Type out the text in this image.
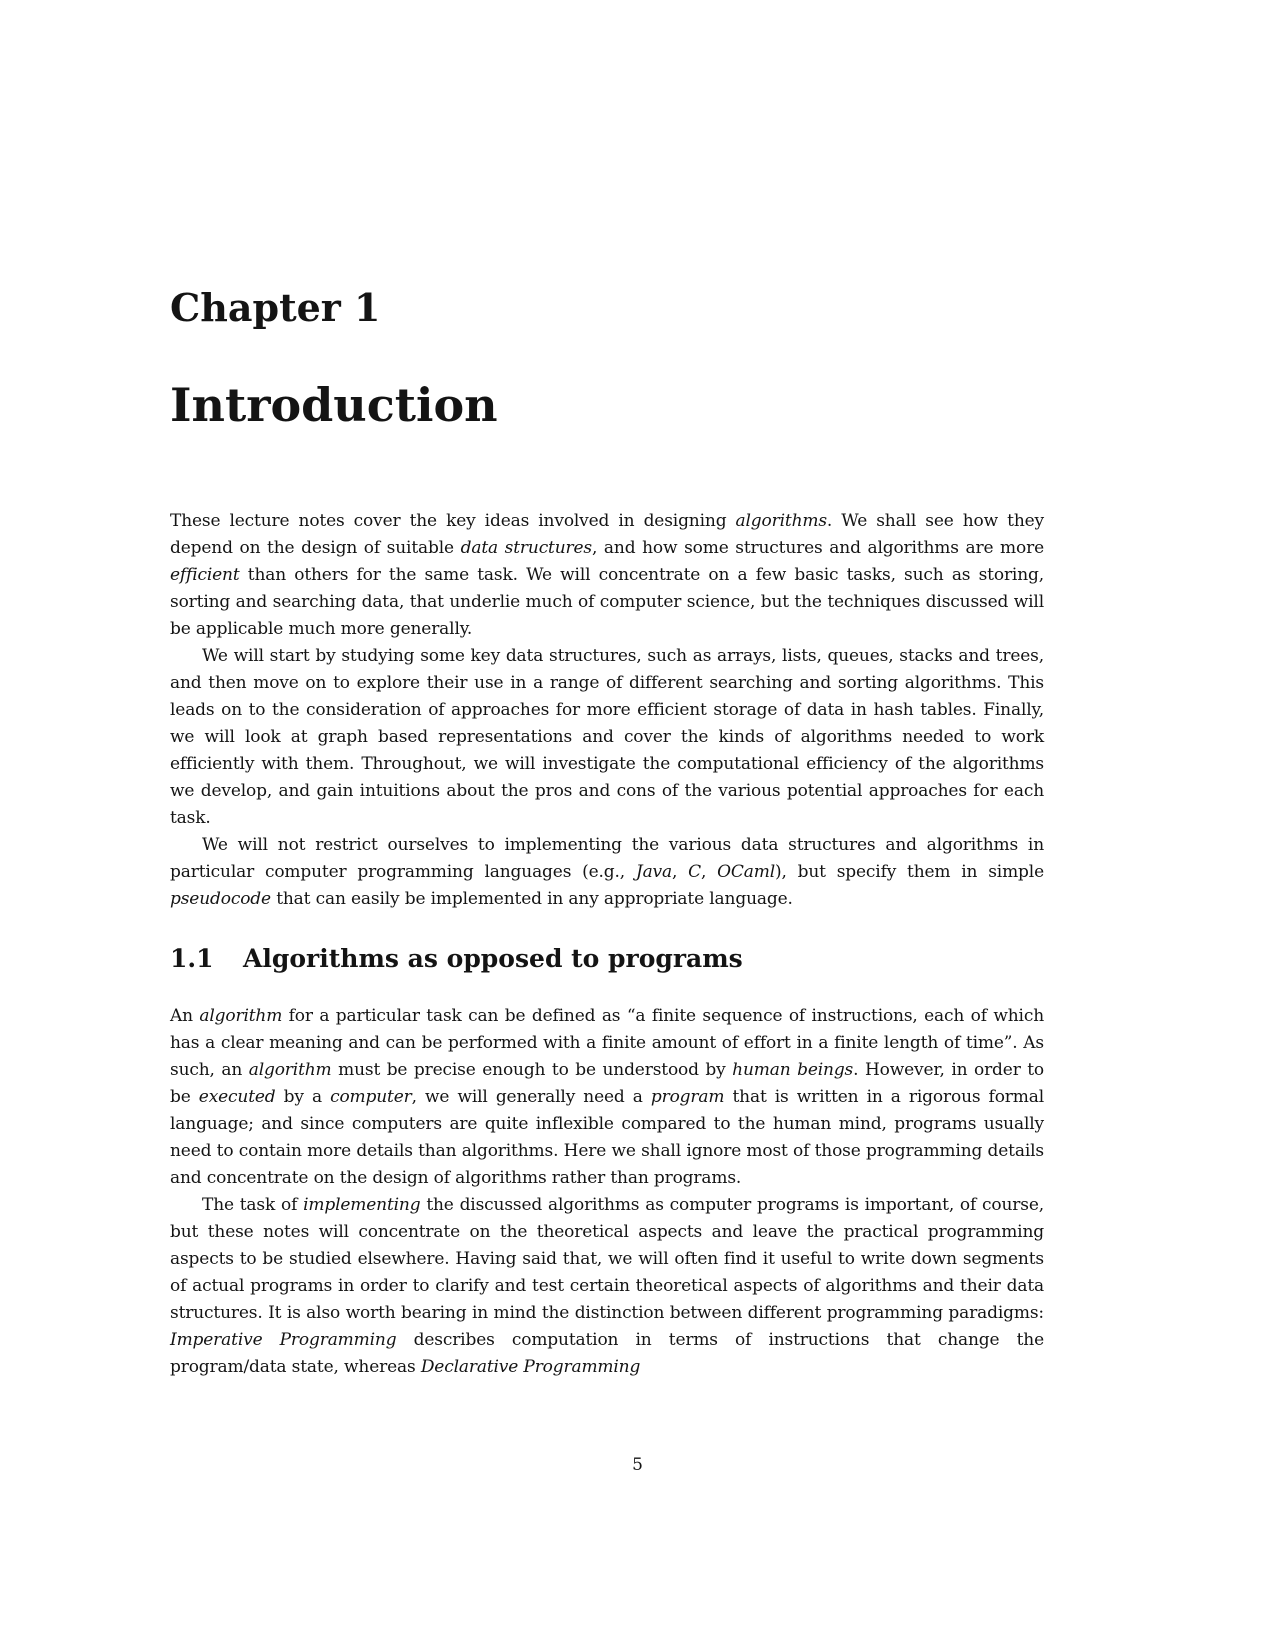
Chapter 1
Introduction

These lecture notes cover the key ideas involved in designing algorithms. We shall see how they depend on the design of suitable data structures, and how some structures and algorithms are more efficient than others for the same task. We will concentrate on a few basic tasks, such as storing, sorting and searching data, that underlie much of computer science, but the techniques discussed will be applicable much more generally.

We will start by studying some key data structures, such as arrays, lists, queues, stacks and trees, and then move on to explore their use in a range of different searching and sorting algorithms. This leads on to the consideration of approaches for more efficient storage of data in hash tables. Finally, we will look at graph based representations and cover the kinds of algorithms needed to work efficiently with them. Throughout, we will investigate the computational efficiency of the algorithms we develop, and gain intuitions about the pros and cons of the various potential approaches for each task.

We will not restrict ourselves to implementing the various data structures and algorithms in particular computer programming languages (e.g., Java, C, OCaml), but specify them in simple pseudocode that can easily be implemented in any appropriate language.

1.1 Algorithms as opposed to programs

An algorithm for a particular task can be defined as “a finite sequence of instructions, each of which has a clear meaning and can be performed with a finite amount of effort in a finite length of time”. As such, an algorithm must be precise enough to be understood by human beings. However, in order to be executed by a computer, we will generally need a program that is written in a rigorous formal language; and since computers are quite inflexible compared to the human mind, programs usually need to contain more details than algorithms. Here we shall ignore most of those programming details and concentrate on the design of algorithms rather than programs.

The task of implementing the discussed algorithms as computer programs is important, of course, but these notes will concentrate on the theoretical aspects and leave the practical programming aspects to be studied elsewhere. Having said that, we will often find it useful to write down segments of actual programs in order to clarify and test certain theoretical aspects of algorithms and their data structures. It is also worth bearing in mind the distinction between different programming paradigms: Imperative Programming describes computation in terms of instructions that change the program/data state, whereas Declarative Programming

5
